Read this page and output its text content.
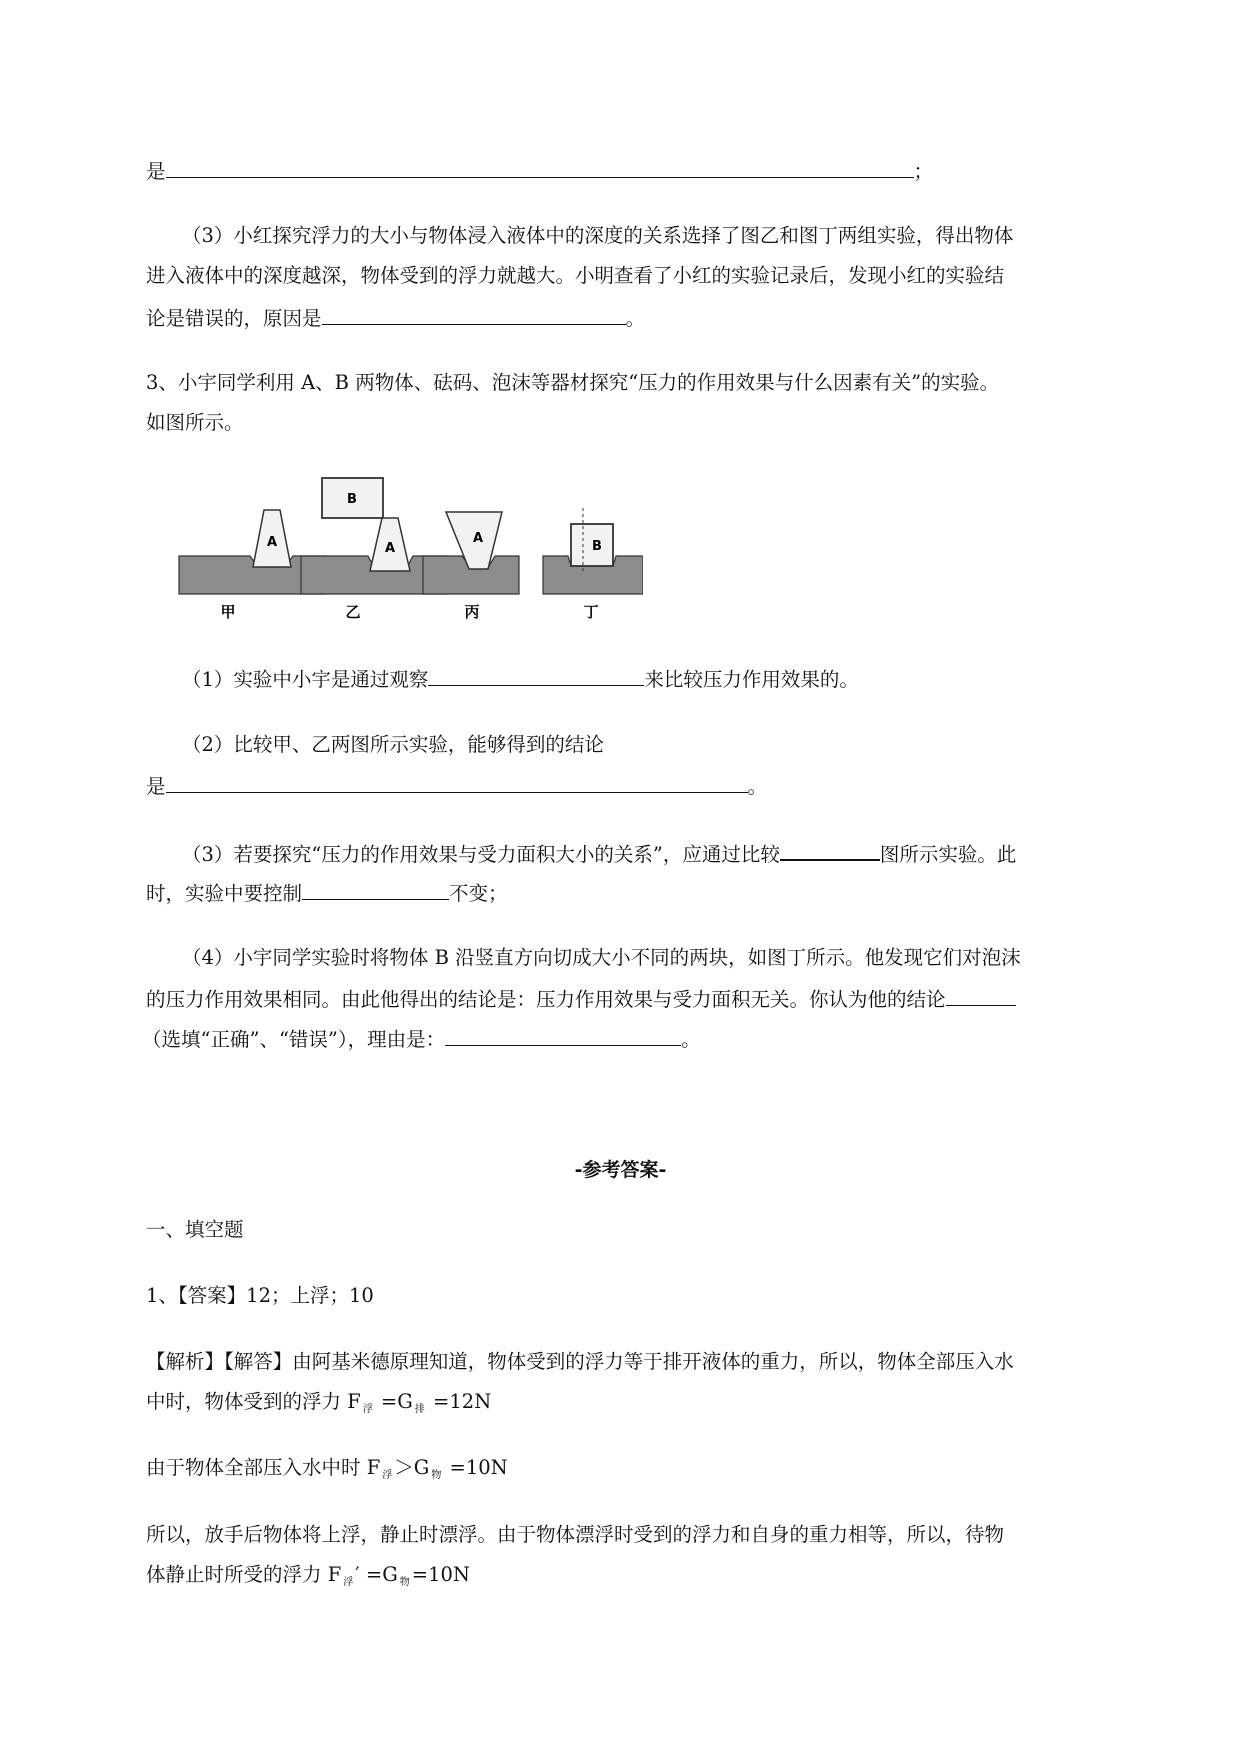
是	；
（3）小红探究浮力的大小与物体浸入液体中的深度的关系选择了图乙和图丁两组实验，得出物体
进入液体中的深度越深，物体受到的浮力就越大。小明查看了小红的实验记录后，发现小红的实验结
论是错误的，原因是	。
3、小宇同学利用 A、B 两物体、砝码、泡沫等器材探究“压力的作用效果与什么因素有关”的实验。
如图所示。
A
甲
B
A
乙
A
丙
B
丁
（1）实验中小宇是通过观察	来比较压力作用效果的。
（2）比较甲、乙两图所示实验，能够得到的结论
是	。
（3）若要探究“压力的作用效果与受力面积大小的关系”，应通过比较	图所示实验。此
时，实验中要控制	不变；
（4）小宇同学实验时将物体 B 沿竖直方向切成大小不同的两块，如图丁所示。他发现它们对泡沫
的压力作用效果相同。由此他得出的结论是：压力作用效果与受力面积无关。你认为他的结论
（选填“正确”、“错误”），理由是：	。
-参考答案-
一、填空题
1、【答案】12；上浮；10
【解析】【解答】由阿基米德原理知道，物体受到的浮力等于排开液体的重力，所以，物体全部压入水
中时，物体受到的浮力 F $_浮$ =G $_排$ =12N
由于物体全部压入水中时 F $_浮$ ＞G $_物$ =10N
所以，放手后物体将上浮，静止时漂浮。由于物体漂浮时受到的浮力和自身的重力相等，所以，待物
体静止时所受的浮力 F $_浮$ ′ =G $_物$ =10N
